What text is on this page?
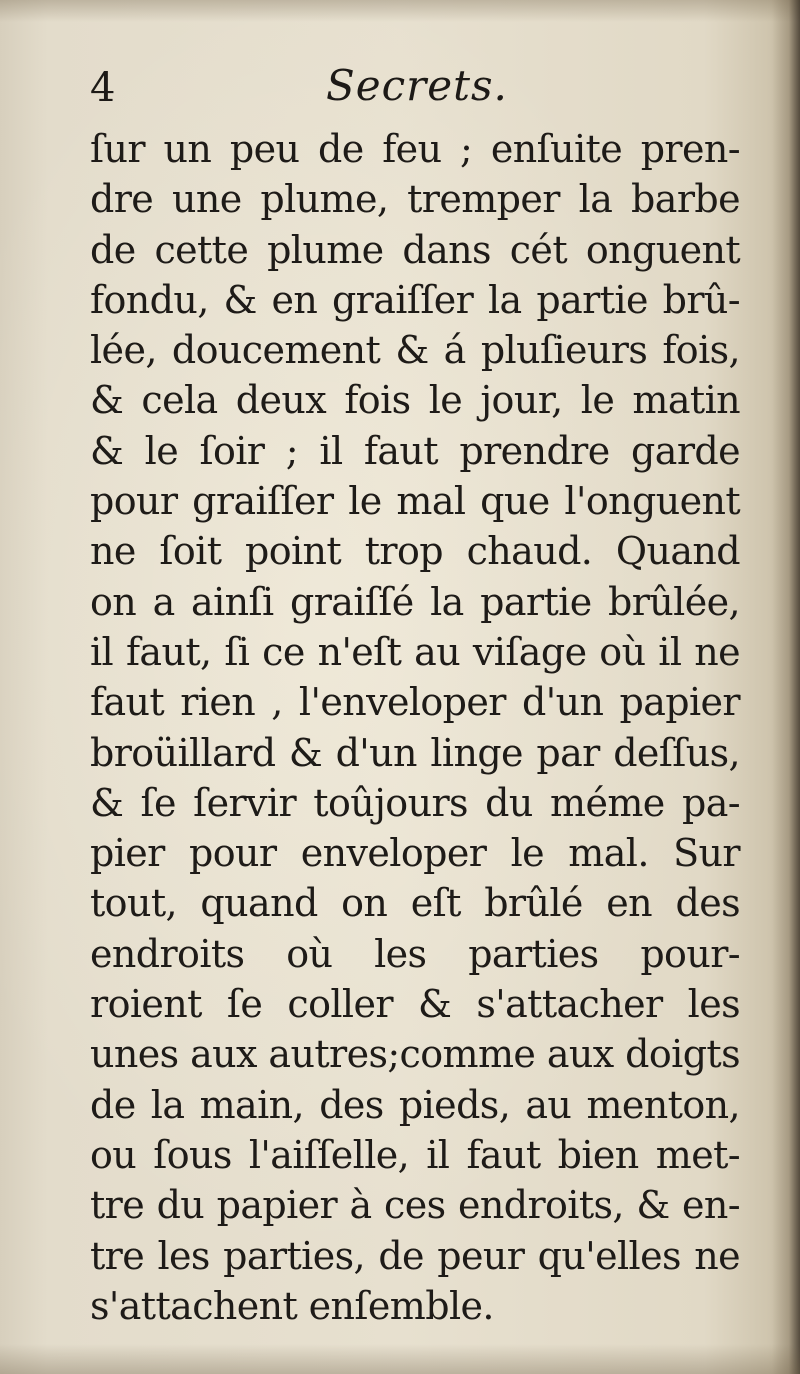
4	Secrets.
ſur un peu de feu ; enſuite pren-
dre une plume, tremper la barbe
de cette plume dans cét onguent
fondu, & en graiſſer la partie brû-
lée, doucement & á pluſieurs fois,
& cela deux fois le jour, le matin
& le ſoir ; il faut prendre garde
pour graiſſer le mal que l'onguent
ne ſoit point trop chaud. Quand
on a ainſi graiſſé la partie brûlée,
il faut, ſi ce n'eſt au viſage où il ne
faut rien , l'enveloper d'un papier
broüillard & d'un linge par deſſus,
& ſe ſervir toûjours du méme pa-
pier pour enveloper le mal. Sur
tout, quand on eſt brûlé en des
endroits où les parties pour-
roient ſe coller & s'attacher les
unes aux autres;comme aux doigts
de la main, des pieds, au menton,
ou ſous l'aiſſelle, il faut bien met-
tre du papier à ces endroits, & en-
tre les parties, de peur qu'elles ne
s'attachent enſemble.
